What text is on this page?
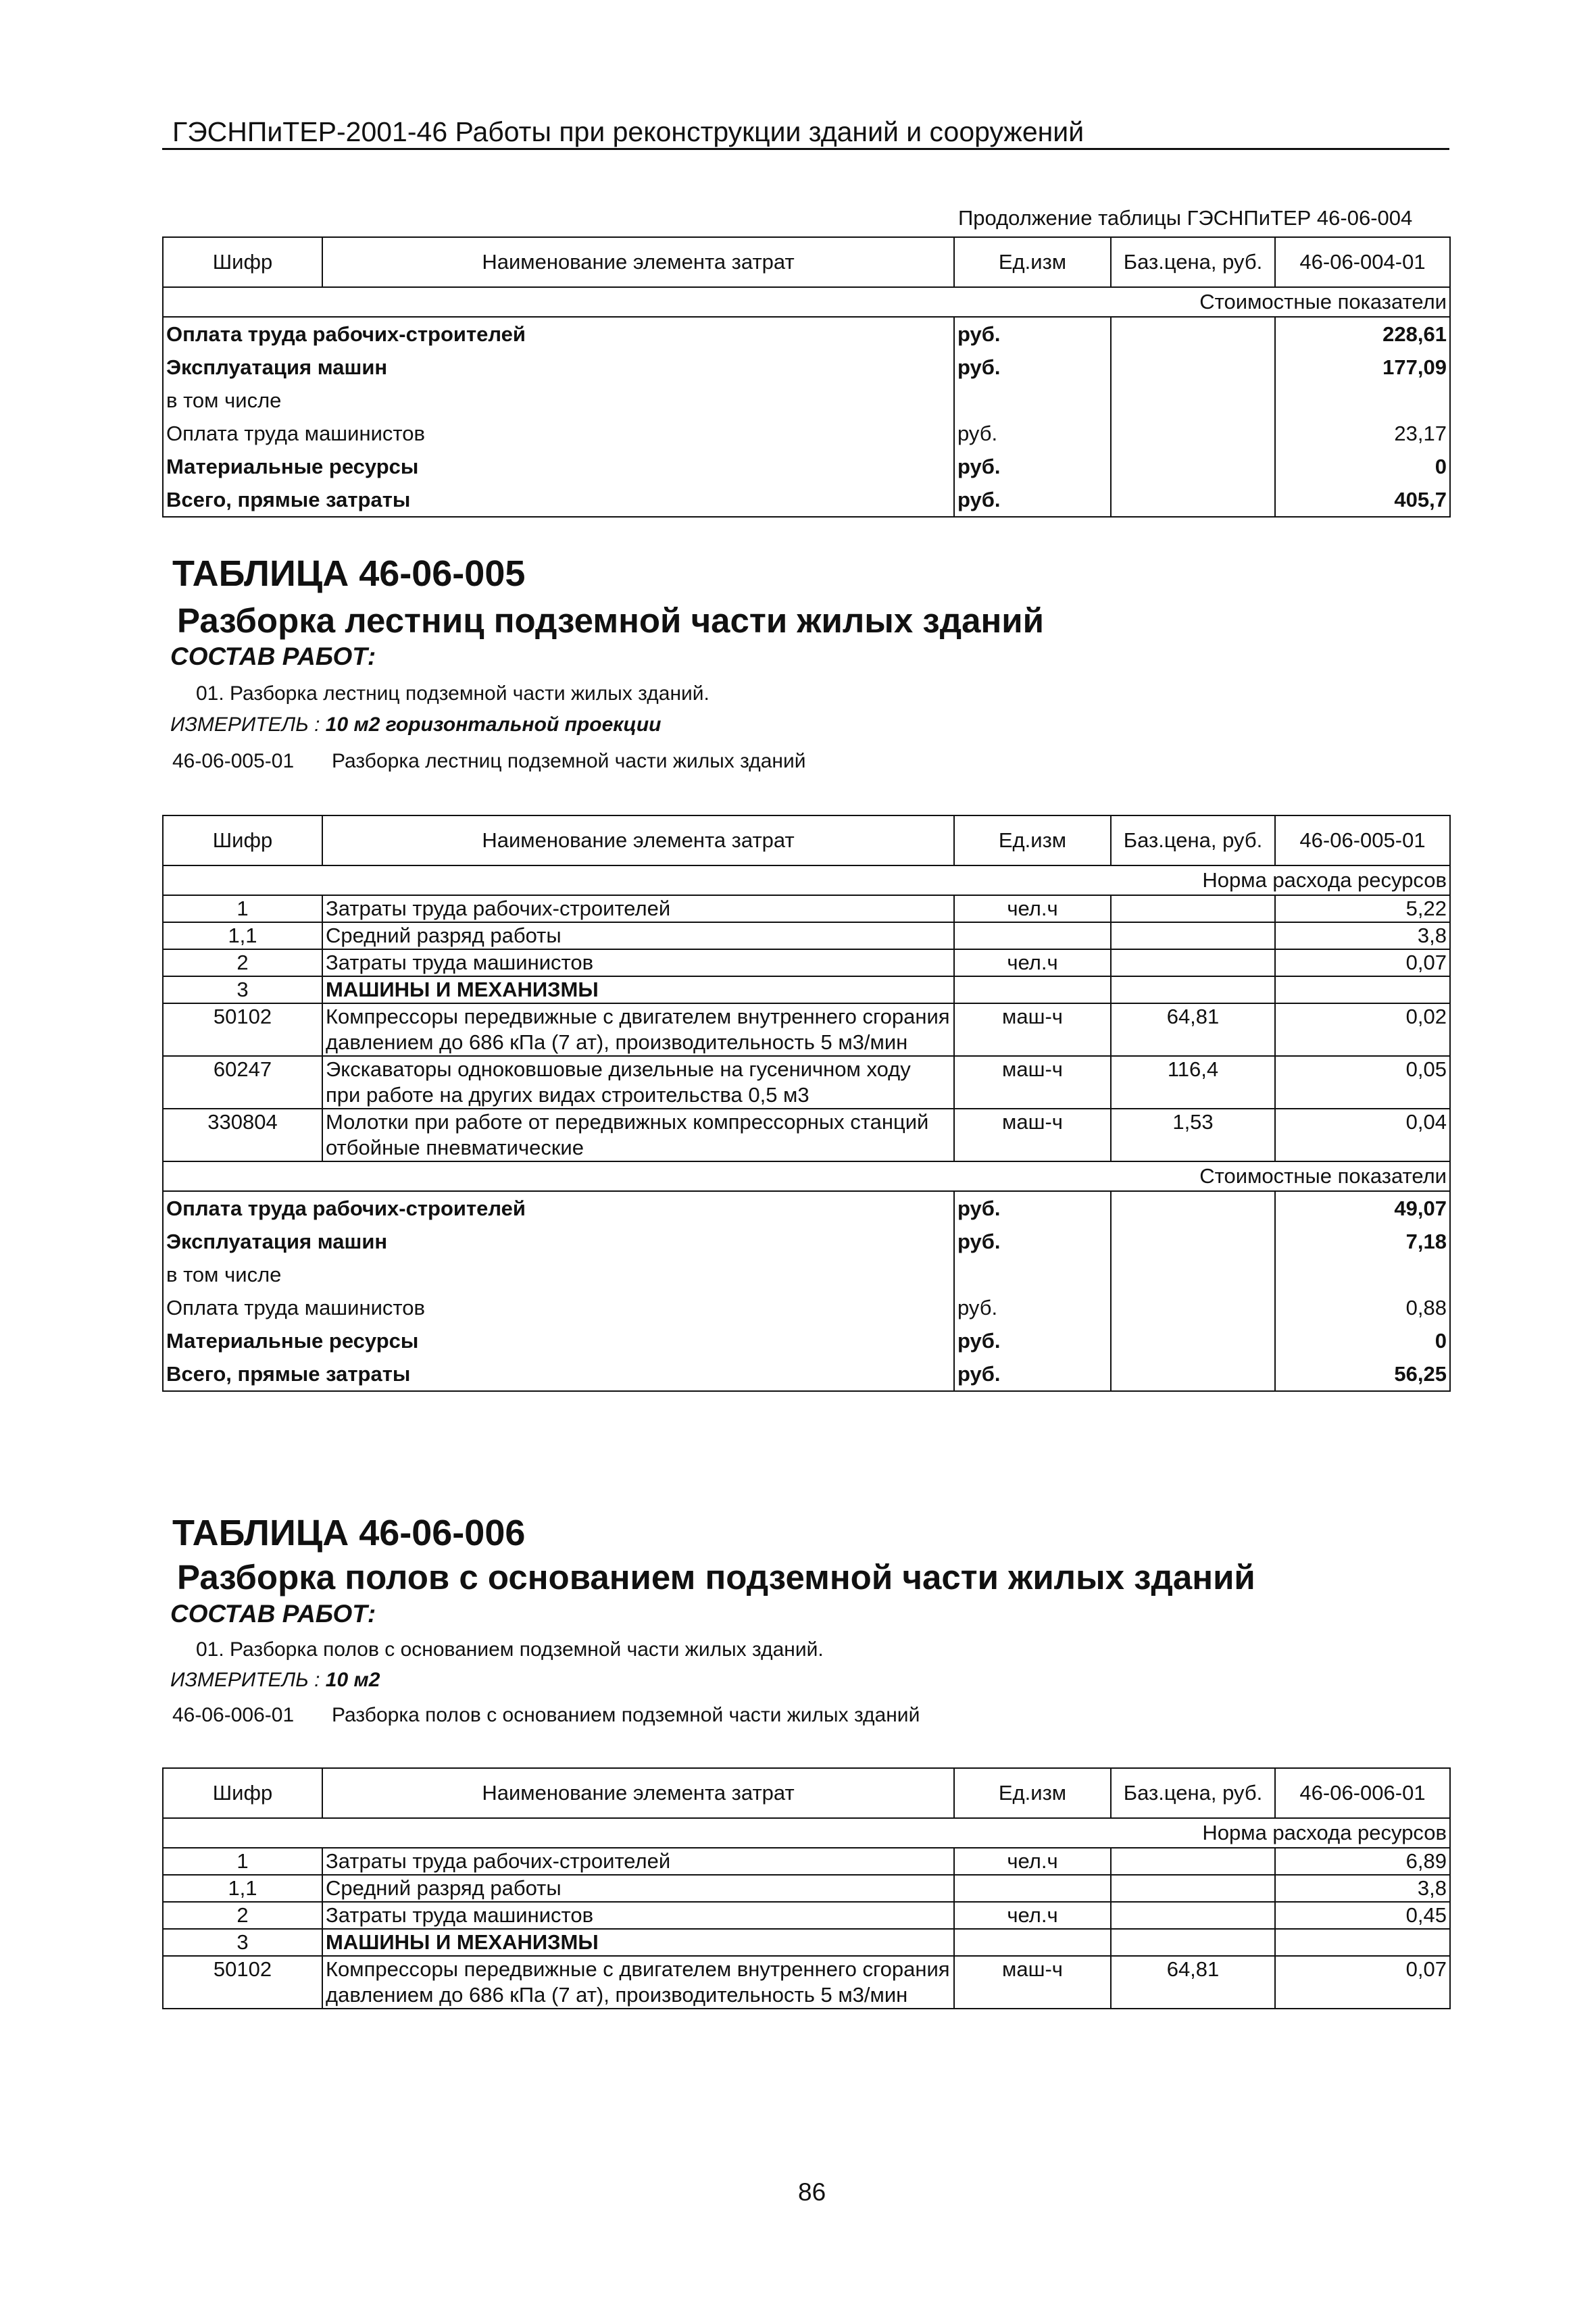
ГЭСНПиТЕР-2001-46 Работы при реконструкции зданий и сооружений
Продолжение таблицы ГЭСНПиТЕР 46-06-004
Шифр	Наименование элемента затрат	Ед.изм	Баз.цена, руб.	46-06-004-01
Стоимостные показатели				
Оплата труда рабочих-строителей		руб.		228,61
Эксплуатация машин		руб.		177,09
в том числе				
Оплата труда машинистов		руб.		23,17
Материальные ресурсы		руб.		0
Всего, прямые затраты		руб.		405,7
ТАБЛИЦА 46-06-005
Разборка лестниц подземной части жилых зданий
СОСТАВ РАБОТ:
01. Разборка лестниц подземной части жилых зданий.
ИЗМЕРИТЕЛЬ : 10 м2 горизонтальной проекции
46-06-005-01 Разборка лестниц подземной части жилых зданий
Шифр	Наименование элемента затрат	Ед.изм	Баз.цена, руб.	46-06-005-01
Норма расхода ресурсов				
1	Затраты труда рабочих-строителей	чел.ч		5,22
1,1	Средний разряд работы			3,8
2	Затраты труда машинистов	чел.ч		0,07
3	МАШИНЫ И МЕХАНИЗМЫ			
50102	Компрессоры передвижные с двигателем внутреннего сгорания давлением до 686 кПа (7 ат), производительность 5 м3/мин	маш-ч	64,81	0,02
60247	Экскаваторы одноковшовые дизельные на гусеничном ходу при работе на других видах строительства 0,5 м3	маш-ч	116,4	0,05
330804	Молотки при работе от передвижных компрессорных станций отбойные пневматические	маш-ч	1,53	0,04
Стоимостные показатели				
Оплата труда рабочих-строителей		руб.		49,07
Эксплуатация машин		руб.		7,18
в том числе				
Оплата труда машинистов		руб.		0,88
Материальные ресурсы		руб.		0
Всего, прямые затраты		руб.		56,25
ТАБЛИЦА 46-06-006
Разборка полов с основанием подземной части жилых зданий
СОСТАВ РАБОТ:
01. Разборка полов с основанием подземной части жилых зданий.
ИЗМЕРИТЕЛЬ : 10 м2
46-06-006-01 Разборка полов с основанием подземной части жилых зданий
Шифр	Наименование элемента затрат	Ед.изм	Баз.цена, руб.	46-06-006-01
Норма расхода ресурсов				
1	Затраты труда рабочих-строителей	чел.ч		6,89
1,1	Средний разряд работы			3,8
2	Затраты труда машинистов	чел.ч		0,45
3	МАШИНЫ И МЕХАНИЗМЫ			
50102	Компрессоры передвижные с двигателем внутреннего сгорания давлением до 686 кПа (7 ат), производительность 5 м3/мин	маш-ч	64,81	0,07
86
